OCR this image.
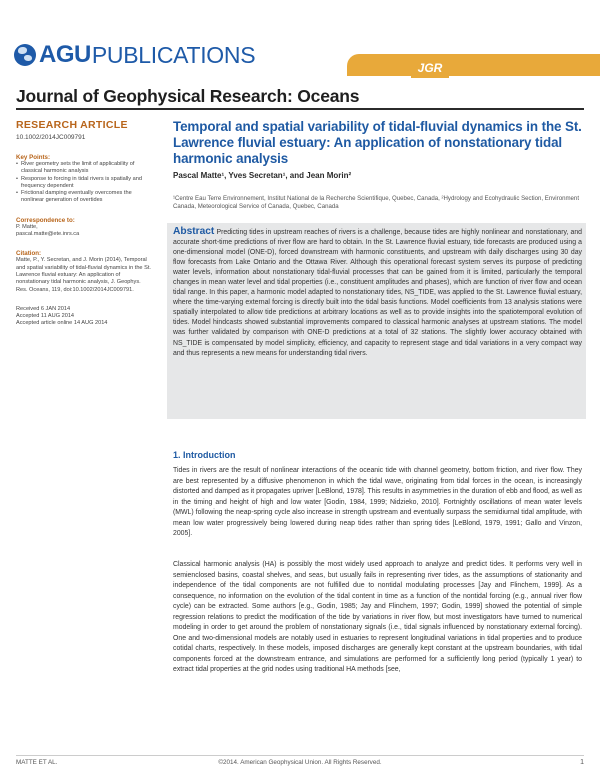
AGU PUBLICATIONS
JGR
Journal of Geophysical Research: Oceans
RESEARCH ARTICLE
10.1002/2014JC009791
Key Points:
• River geometry sets the limit of applicability of classical harmonic analysis
• Response to forcing in tidal rivers is spatially and frequency dependent
• Frictional damping eventually overcomes the nonlinear generation of overtides
Correspondence to:
P. Matte,
pascal.matte@ete.inrs.ca
Citation:
Matte, P., Y. Secretan, and J. Morin (2014), Temporal and spatial variability of tidal-fluvial dynamics in the St. Lawrence fluvial estuary: An application of nonstationary tidal harmonic analysis, J. Geophys. Res. Oceans, 119, doi:10.1002/2014JC009791.
Received 6 JAN 2014
Accepted 11 AUG 2014
Accepted article online 14 AUG 2014
Temporal and spatial variability of tidal-fluvial dynamics in the St. Lawrence fluvial estuary: An application of nonstationary tidal harmonic analysis
Pascal Matte¹, Yves Secretan¹, and Jean Morin²
¹Centre Eau Terre Environnement, Institut National de la Recherche Scientifique, Quebec, Canada, ²Hydrology and Ecohydraulic Section, Environment Canada, Meteorological Service of Canada, Quebec, Canada
Abstract Predicting tides in upstream reaches of rivers is a challenge, because tides are highly nonlinear and nonstationary, and accurate short-time predictions of river flow are hard to obtain. In the St. Lawrence fluvial estuary, tide forecasts are produced using a one-dimensional model (ONE-D), forced downstream with harmonic constituents, and upstream with daily discharges using 30 day flow forecasts from Lake Ontario and the Ottawa River. Although this operational forecast system serves its purpose of predicting water levels, information about nonstationary tidal-fluvial processes that can be gained from it is limited, particularly the temporal changes in mean water level and tidal properties (i.e., constituent amplitudes and phases), which are function of river flow and ocean tidal range. In this paper, a harmonic model adapted to nonstationary tides, NS_TIDE, was applied to the St. Lawrence fluvial estuary, where the time-varying external forcing is directly built into the tidal basis functions. Model coefficients from 13 analysis stations were spatially interpolated to allow tide predictions at arbitrary locations as well as to provide insights into the spatiotemporal evolution of tides. Model hindcasts showed substantial improvements compared to classical harmonic analyses at upstream stations. The model was further validated by comparison with ONE-D predictions at a total of 32 stations. The slightly lower accuracy obtained with NS_TIDE is compensated by model simplicity, efficiency, and capacity to represent stage and tidal variations in a very compact way and thus represents a new means for understanding tidal rivers.
1. Introduction
Tides in rivers are the result of nonlinear interactions of the oceanic tide with channel geometry, bottom friction, and river flow. They are best represented by a diffusive phenomenon in which the tidal wave, originating from tidal forces in the ocean, is increasingly distorted and damped as it propagates upriver [LeBlond, 1978]. This results in asymmetries in the duration of ebb and flood, as well as in the timing and height of high and low water [Godin, 1984, 1999; Nidzieko, 2010]. Fortnightly oscillations of mean water levels (MWL) following the neap-spring cycle also increase in strength upstream and eventually surpass the semidiurnal tidal amplitude, with mean low water progressively being lowered during neap tides rather than spring tides [LeBlond, 1979, 1991; Gallo and Vinzon, 2005].
Classical harmonic analysis (HA) is possibly the most widely used approach to analyze and predict tides. It performs very well in semienclosed basins, coastal shelves, and seas, but usually fails in representing river tides, as the assumptions of stationarity and independence of the tidal components are not fulfilled due to nontidal modulating processes [Jay and Flinchem, 1999]. As a consequence, no information on the evolution of the tidal content in time as a function of the nontidal forcing (e.g., annual river flow cycle) can be extracted. Some authors [e.g., Godin, 1985; Jay and Flinchem, 1997; Godin, 1999] showed the potential of simple regression relations to predict the modification of the tide by variations in river flow, but most investigators have turned to numerical modeling in order to get around the problem of nonstationary signals (i.e., tidal signals influenced by nonstationary external forcing). One and two-dimensional models are notably used in estuaries to represent longitudinal variations in tidal properties and to produce cotidal charts, respectively. In these models, imposed discharges are generally kept constant at the upstream boundaries, with tidal components forced at the downstream entrance, and simulations are performed for a sufficiently long period (typically 1 year) to extract tidal properties at the grid nodes using traditional HA methods [see,
MATTE ET AL.	©2014. American Geophysical Union. All Rights Reserved.	1
